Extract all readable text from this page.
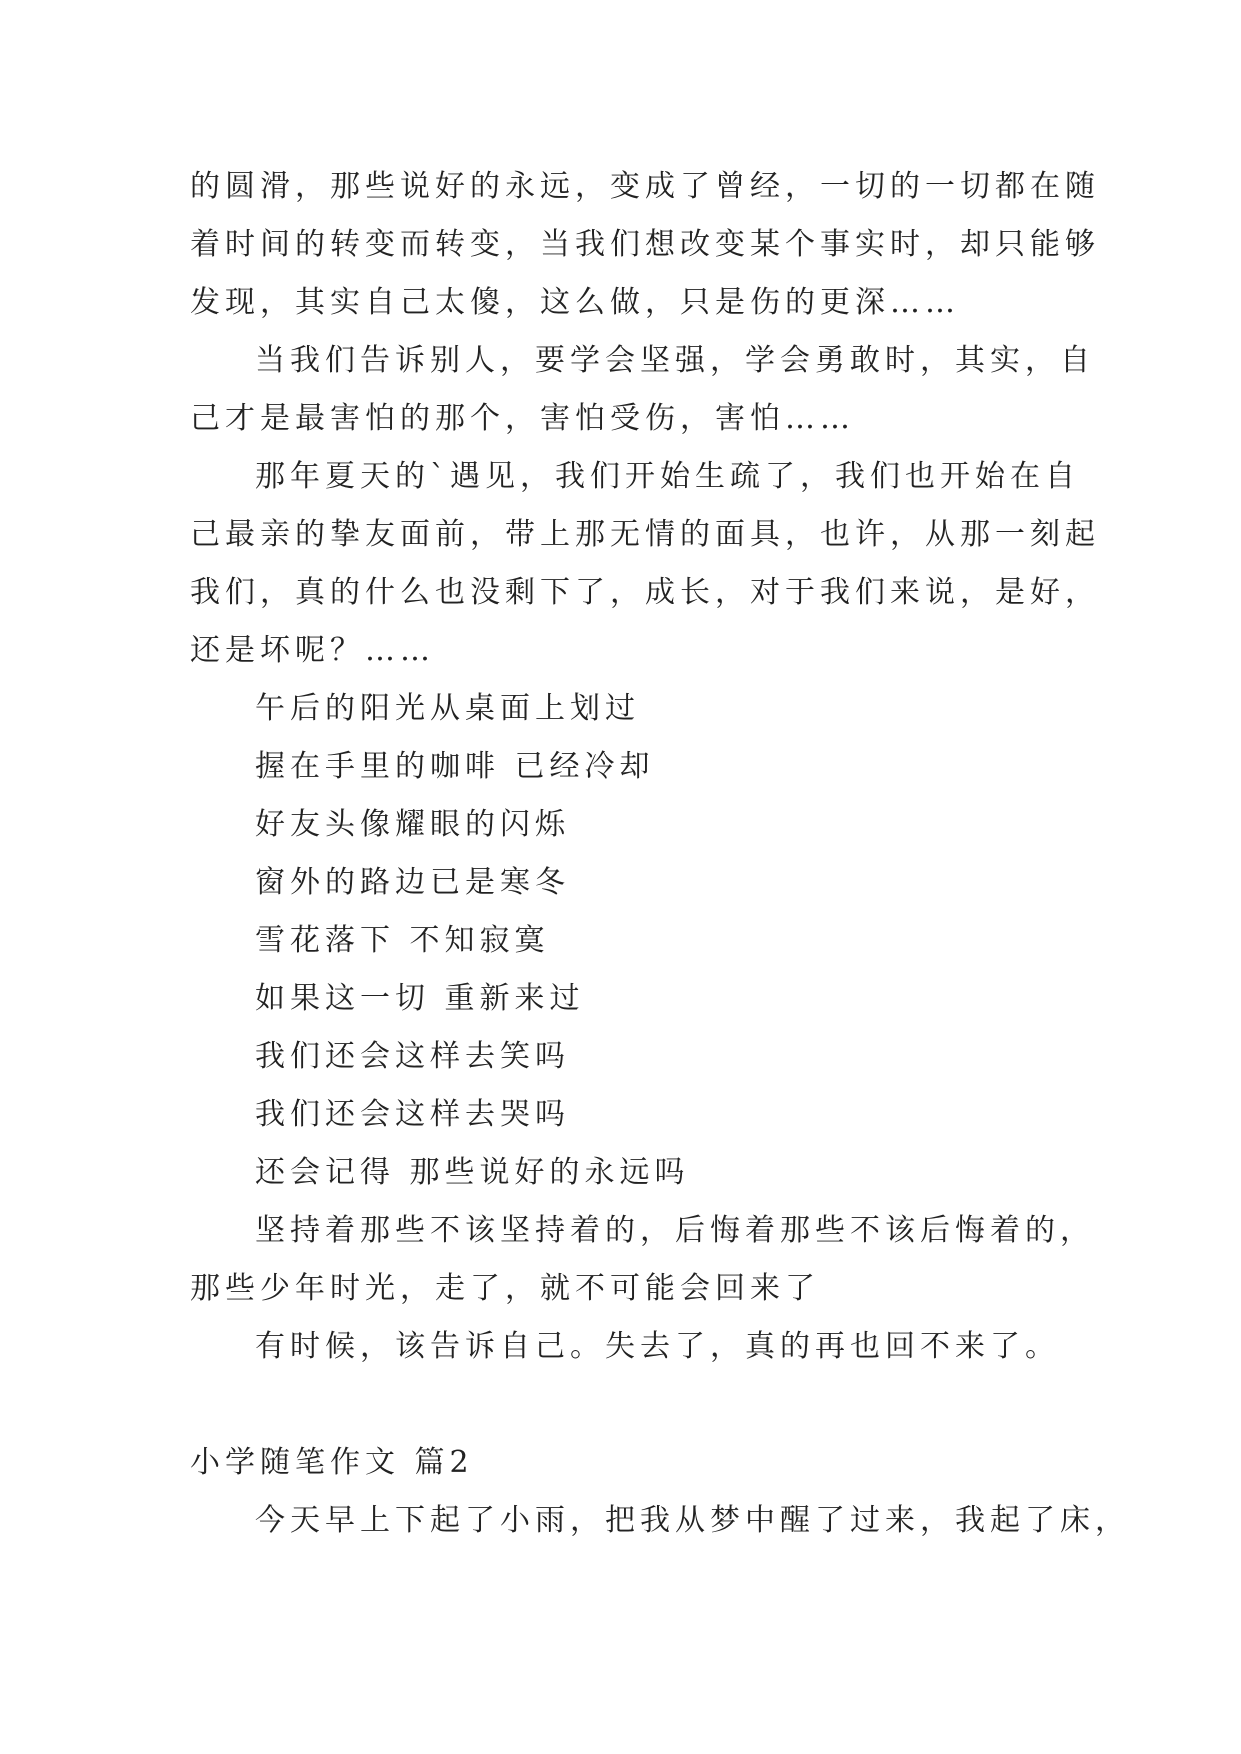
的圆滑，那些说好的永远，变成了曾经，一切的一切都在随
着时间的转变而转变，当我们想改变某个事实时，却只能够
发现，其实自己太傻，这么做，只是伤的更深……
当我们告诉别人，要学会坚强，学会勇敢时，其实，自
己才是最害怕的那个，害怕受伤，害怕……
那年夏天的`遇见，我们开始生疏了，我们也开始在自
己最亲的挚友面前，带上那无情的面具，也许，从那一刻起
我们，真的什么也没剩下了，成长，对于我们来说，是好，
还是坏呢？……
午后的阳光从桌面上划过
握在手里的咖啡 已经冷却
好友头像耀眼的闪烁
窗外的路边已是寒冬
雪花落下 不知寂寞
如果这一切 重新来过
我们还会这样去笑吗
我们还会这样去哭吗
还会记得 那些说好的永远吗
坚持着那些不该坚持着的，后悔着那些不该后悔着的，
那些少年时光，走了，就不可能会回来了
有时候，该告诉自己。失去了，真的再也回不来了。
小学随笔作文 篇2
今天早上下起了小雨，把我从梦中醒了过来，我起了床，
